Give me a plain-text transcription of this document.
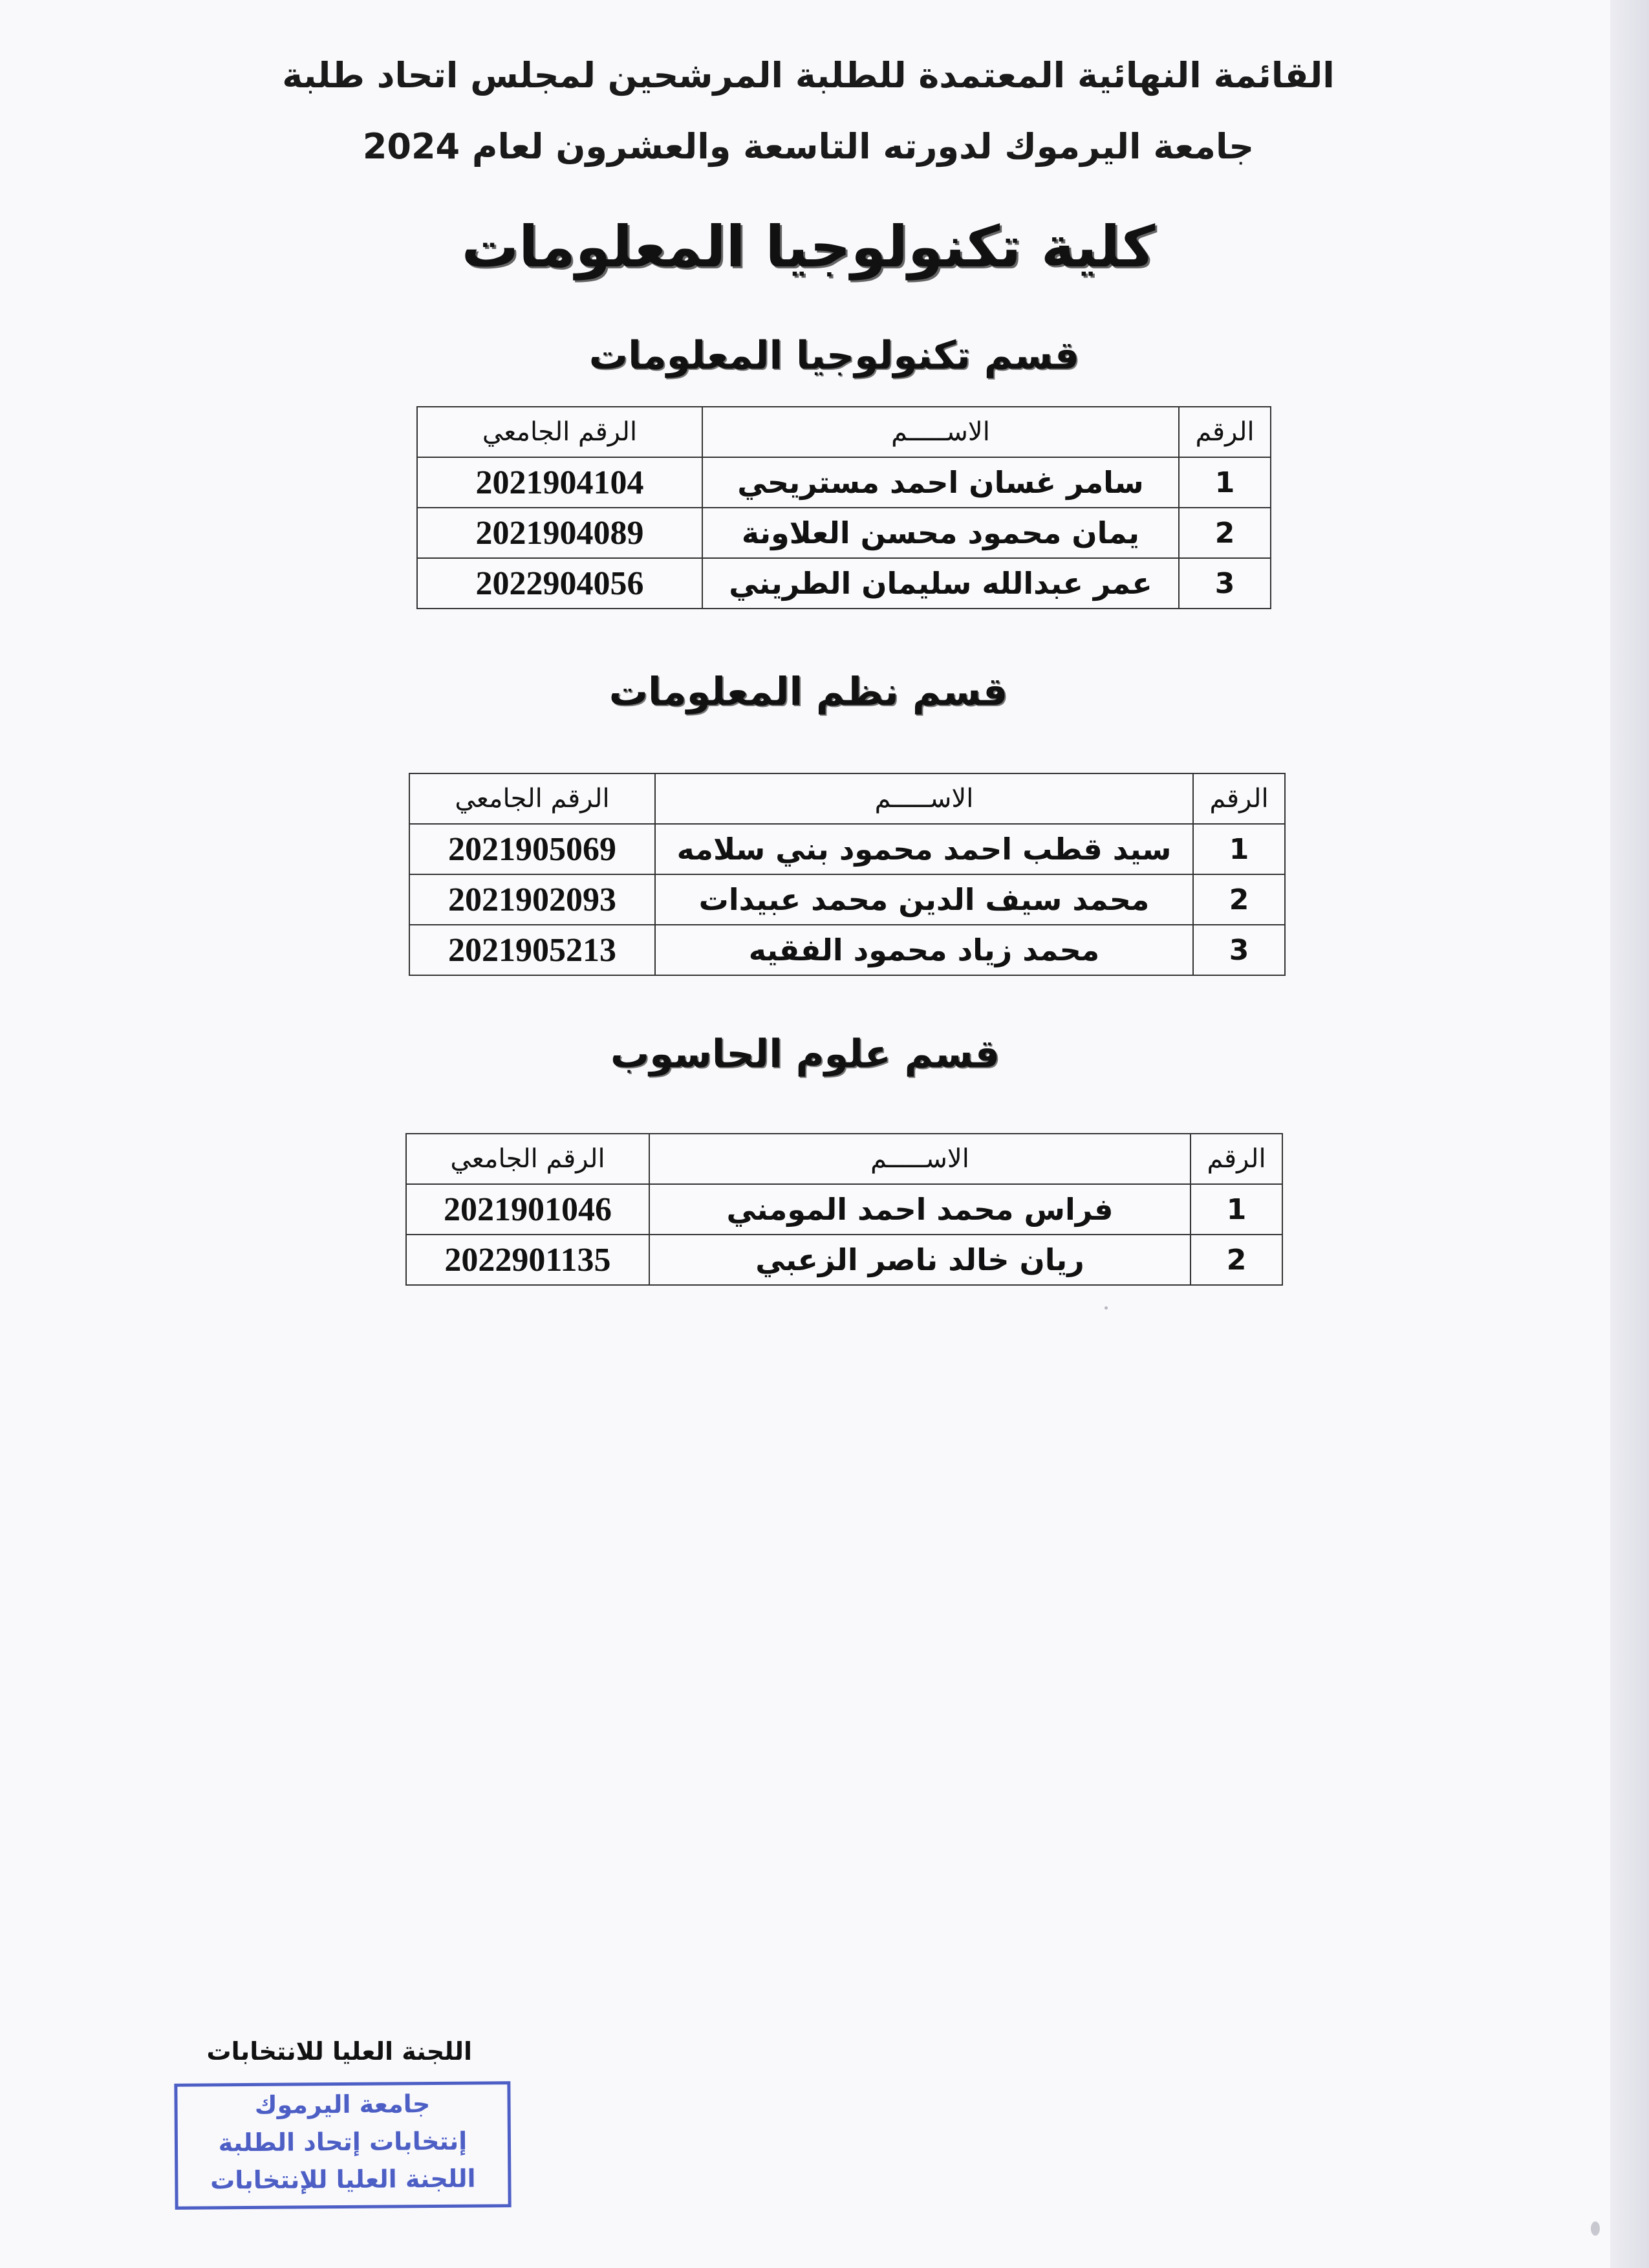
القائمة النهائية المعتمدة للطلبة المرشحين لمجلس اتحاد طلبة
جامعة اليرموك لدورته التاسعة والعشرون لعام 2024
كلية تكنولوجيا المعلومات
قسم تكنولوجيا المعلومات
الرقم	الاســـــم	الرقم الجامعي
1	سامر غسان احمد مستريحي	2021904104
2	يمان محمود محسن العلاونة	2021904089
3	عمر عبدالله سليمان الطريني	2022904056
قسم نظم المعلومات
الرقم	الاســـــم	الرقم الجامعي
1	سيد قطب احمد محمود بني سلامه	2021905069
2	محمد سيف الدين محمد عبيدات	2021902093
3	محمد زياد محمود الفقيه	2021905213
قسم علوم الحاسوب
الرقم	الاســـــم	الرقم الجامعي
1	فراس محمد احمد المومني	2021901046
2	ريان خالد ناصر الزعبي	2022901135
اللجنة العليا للانتخابات
جامعة اليرموك
إنتخابات إتحاد الطلبة
اللجنة العليا للإنتخابات
